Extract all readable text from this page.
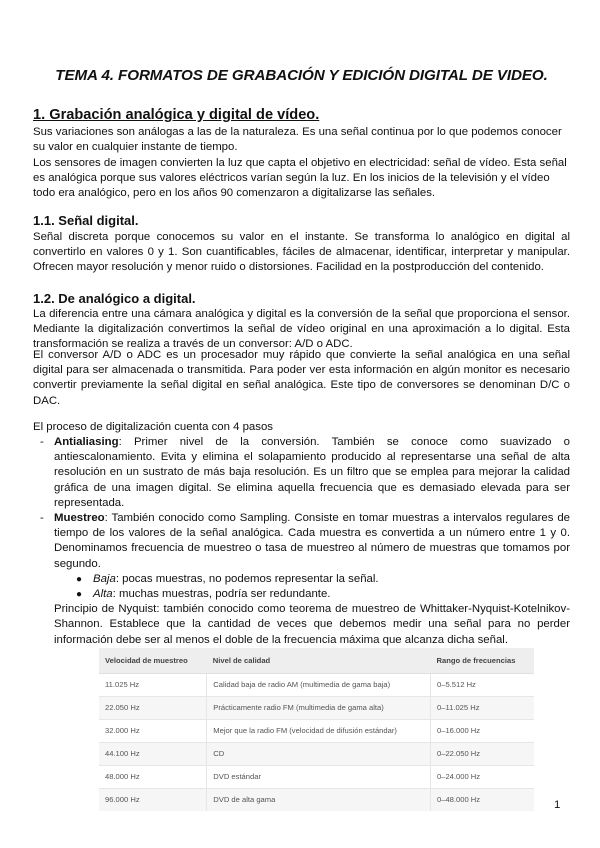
TEMA 4. FORMATOS DE GRABACIÓN Y EDICIÓN DIGITAL DE VIDEO.
1. Grabación analógica y digital de vídeo.

Sus variaciones son análogas a las de la naturaleza. Es una señal continua por lo que podemos conocer su valor en cualquier instante de tiempo.

Los sensores de imagen convierten la luz que capta el objetivo en electricidad: señal de vídeo. Esta señal es analógica porque sus valores eléctricos varían según la luz. En los inicios de la televisión y el vídeo todo era analógico, pero en los años 90 comenzaron a digitalizarse las señales.

1.1. Señal digital.

Señal discreta porque conocemos su valor en el instante. Se transforma lo analógico en digital al convertirlo en valores 0 y 1. Son cuantificables, fáciles de almacenar, identificar, interpretar y manipular. Ofrecen mayor resolución y menor ruido o distorsiones. Facilidad en la postproducción del contenido.

1.2. De analógico a digital.

La diferencia entre una cámara analógica y digital es la conversión de la señal que proporciona el sensor. Mediante la digitalización convertimos la señal de vídeo original en una aproximación a lo digital. Esta transformación se realiza a través de un conversor: A/D o ADC.

El conversor A/D o ADC es un procesador muy rápido que convierte la señal analógica en una señal digital para ser almacenada o transmitida. Para poder ver esta información en algún monitor es necesario convertir previamente la señal digital en señal analógica. Este tipo de conversores se denominan D/C o DAC.

El proceso de digitalización cuenta con 4 pasos

- Antialiasing: Primer nivel de la conversión. También se conoce como suavizado o antiescalonamiento. Evita y elimina el solapamiento producido al representarse una señal de alta resolución en un sustrato de más baja resolución. Es un filtro que se emplea para mejorar la calidad gráfica de una imagen digital. Se elimina aquella frecuencia que es demasiado elevada para ser representada.
- Muestreo: También conocido como Sampling. Consiste en tomar muestras a intervalos regulares de tiempo de los valores de la señal analógica. Cada muestra es convertida a un número entre 1 y 0. Denominamos frecuencia de muestreo o tasa de muestreo al número de muestras que tomamos por segundo.
● Baja: pocas muestras, no podemos representar la señal.
● Alta: muchas muestras, podría ser redundante.
Principio de Nyquist: también conocido como teorema de muestreo de Whittaker-Nyquist-Kotelnikov-Shannon. Establece que la cantidad de veces que debemos medir una señal para no perder información debe ser al menos el doble de la frecuencia máxima que alcanza dicha señal.
Velocidad de muestreo	Nivel de calidad	Rango de frecuencias
11.025 Hz	Calidad baja de radio AM (multimedia de gama baja)	0–5.512 Hz
22.050 Hz	Prácticamente radio FM (multimedia de gama alta)	0–11.025 Hz
32.000 Hz	Mejor que la radio FM (velocidad de difusión estándar)	0–16.000 Hz
44.100 Hz	CD	0–22.050 Hz
48.000 Hz	DVD estándar	0–24.000 Hz
96.000 Hz	DVD de alta gama	0–48.000 Hz	1
